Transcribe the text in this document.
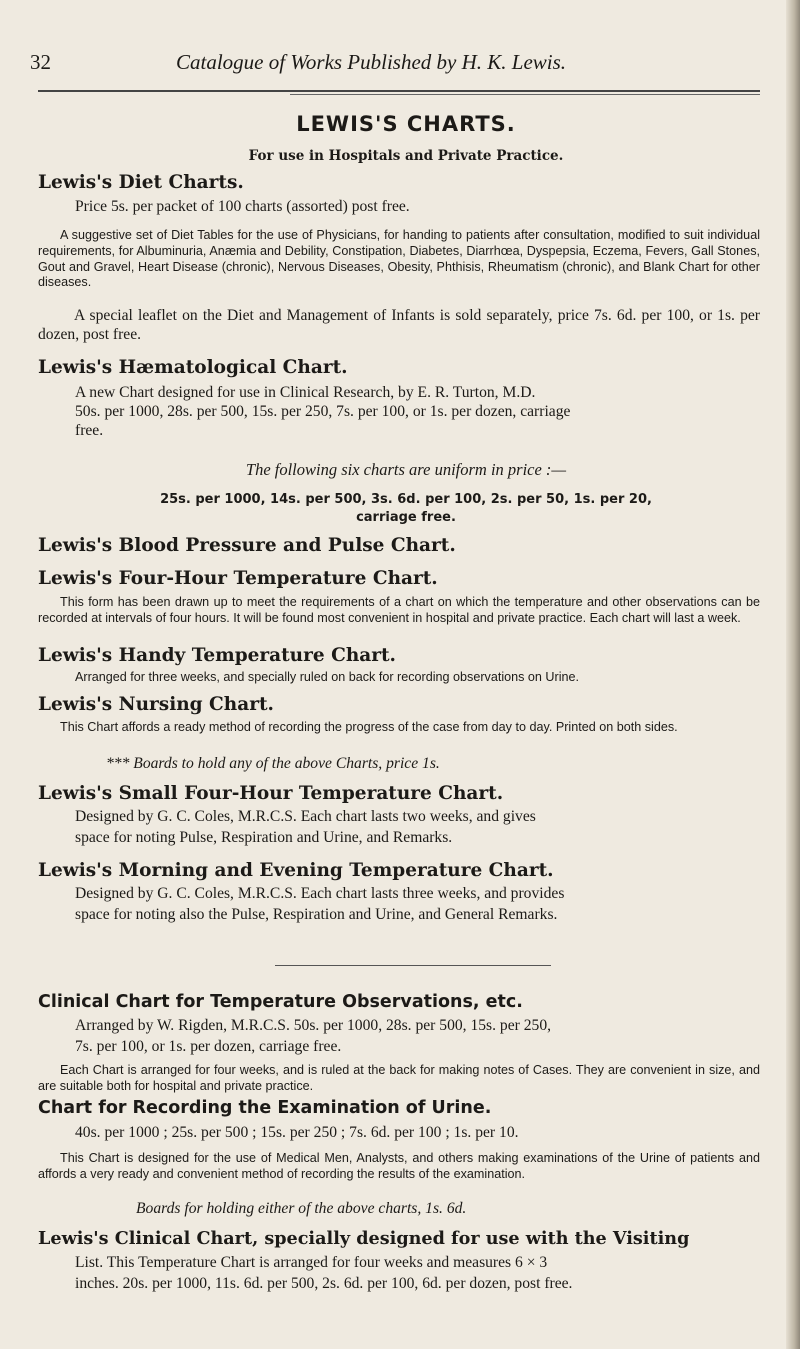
32	Catalogue of Works Published by H. K. Lewis.
LEWIS'S CHARTS.
For use in Hospitals and Private Practice.
Lewis's Diet Charts.
Price 5s. per packet of 100 charts (assorted) post free.
A suggestive set of Diet Tables for the use of Physicians, for handing to patients after consultation, modified to suit individual requirements, for Albuminuria, Anæmia and Debility, Constipation, Diabetes, Diarrhœa, Dyspepsia, Eczema, Fevers, Gall Stones, Gout and Gravel, Heart Disease (chronic), Nervous Diseases, Obesity, Phthisis, Rheumatism (chronic), and Blank Chart for other diseases.
A special leaflet on the Diet and Management of Infants is sold separately, price 7s. 6d. per 100, or 1s. per dozen, post free.
Lewis's Hæmatological Chart.
A new Chart designed for use in Clinical Research, by E. R. Turton, M.D.
50s. per 1000, 28s. per 500, 15s. per 250, 7s. per 100, or 1s. per dozen, carriage
free.
The following six charts are uniform in price :—
25s. per 1000, 14s. per 500, 3s. 6d. per 100, 2s. per 50, 1s. per 20,
carriage free.
Lewis's Blood Pressure and Pulse Chart.
Lewis's Four-Hour Temperature Chart.
This form has been drawn up to meet the requirements of a chart on which the temperature and other observations can be recorded at intervals of four hours. It will be found most convenient in hospital and private practice. Each chart will last a week.
Lewis's Handy Temperature Chart.
Arranged for three weeks, and specially ruled on back for recording observations on Urine.
Lewis's Nursing Chart.
This Chart affords a ready method of recording the progress of the case from day to day. Printed on both sides.
*** Boards to hold any of the above Charts, price 1s.
Lewis's Small Four-Hour Temperature Chart.
Designed by G. C. Coles, M.R.C.S. Each chart lasts two weeks, and gives
space for noting Pulse, Respiration and Urine, and Remarks.
Lewis's Morning and Evening Temperature Chart.
Designed by G. C. Coles, M.R.C.S. Each chart lasts three weeks, and provides
space for noting also the Pulse, Respiration and Urine, and General Remarks.
Clinical Chart for Temperature Observations, etc.
Arranged by W. Rigden, M.R.C.S. 50s. per 1000, 28s. per 500, 15s. per 250,
7s. per 100, or 1s. per dozen, carriage free.
Each Chart is arranged for four weeks, and is ruled at the back for making notes of Cases. They are convenient in size, and are suitable both for hospital and private practice.
Chart for Recording the Examination of Urine.
40s. per 1000 ; 25s. per 500 ; 15s. per 250 ; 7s. 6d. per 100 ; 1s. per 10.
This Chart is designed for the use of Medical Men, Analysts, and others making examinations of the Urine of patients and affords a very ready and convenient method of recording the results of the examination.
Boards for holding either of the above charts, 1s. 6d.
Lewis's Clinical Chart, specially designed for use with the Visiting
List. This Temperature Chart is arranged for four weeks and measures 6 × 3
inches. 20s. per 1000, 11s. 6d. per 500, 2s. 6d. per 100, 6d. per dozen, post free.
